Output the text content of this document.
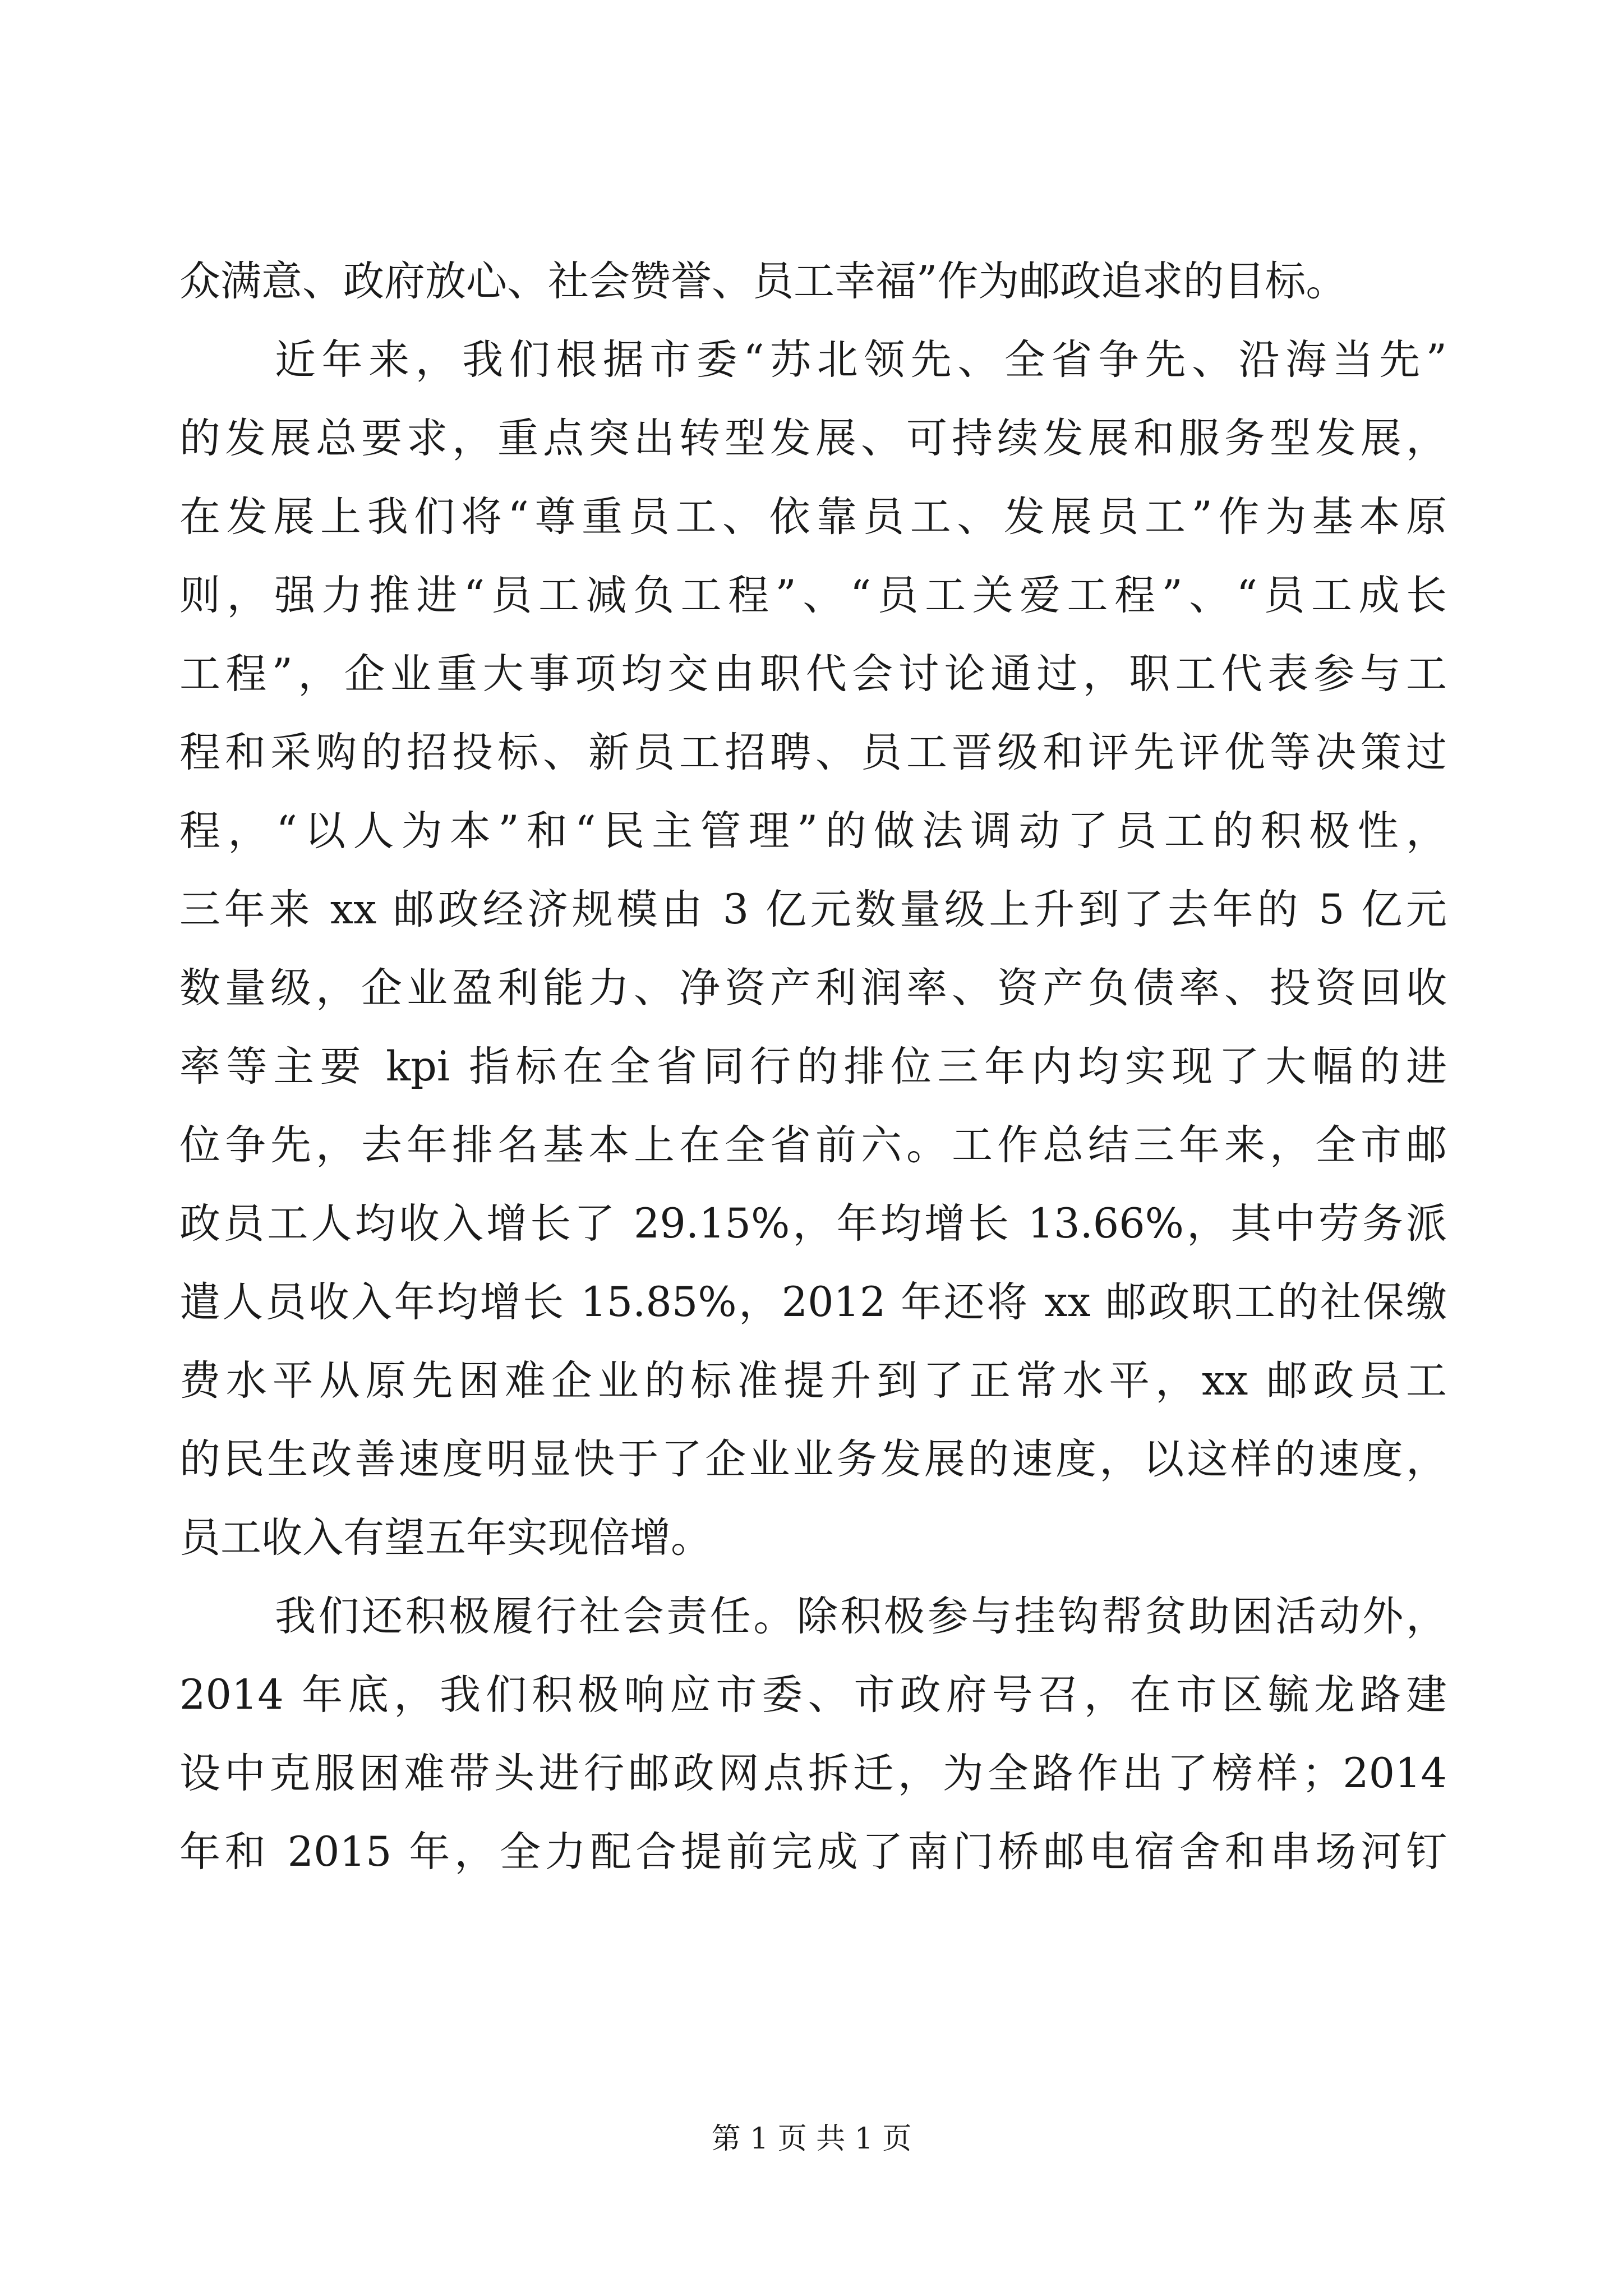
众满意、政府放心、社会赞誉、员工幸福”作为邮政追求的目标。
近年来，我们根据市委“苏北领先、全省争先、沿海当先”
的发展总要求，重点突出转型发展、可持续发展和服务型发展，
在发展上我们将“尊重员工、依靠员工、发展员工”作为基本原
则，强力推进“员工减负工程”、“员工关爱工程”、“员工成长
工程”，企业重大事项均交由职代会讨论通过，职工代表参与工
程和采购的招投标、新员工招聘、员工晋级和评先评优等决策过
程，“以人为本”和“民主管理”的做法调动了员工的积极性，
三年来 xx 邮政经济规模由 3 亿元数量级上升到了去年的 5 亿元
数量级，企业盈利能力、净资产利润率、资产负债率、投资回收
率等主要 kpi 指标在全省同行的排位三年内均实现了大幅的进
位争先，去年排名基本上在全省前六。工作总结三年来，全市邮
政员工人均收入增长了 29.15%，年均增长 13.66%，其中劳务派
遣人员收入年均增长 15.85%，2012 年还将 xx 邮政职工的社保缴
费水平从原先困难企业的标准提升到了正常水平，xx 邮政员工
的民生改善速度明显快于了企业业务发展的速度，以这样的速度，
员工收入有望五年实现倍增。
我们还积极履行社会责任。除积极参与挂钩帮贫助困活动外，
2014 年底，我们积极响应市委、市政府号召，在市区毓龙路建
设中克服困难带头进行邮政网点拆迁，为全路作出了榜样；2014
年和 2015 年，全力配合提前完成了南门桥邮电宿舍和串场河钉
第 1 页 共 1 页
